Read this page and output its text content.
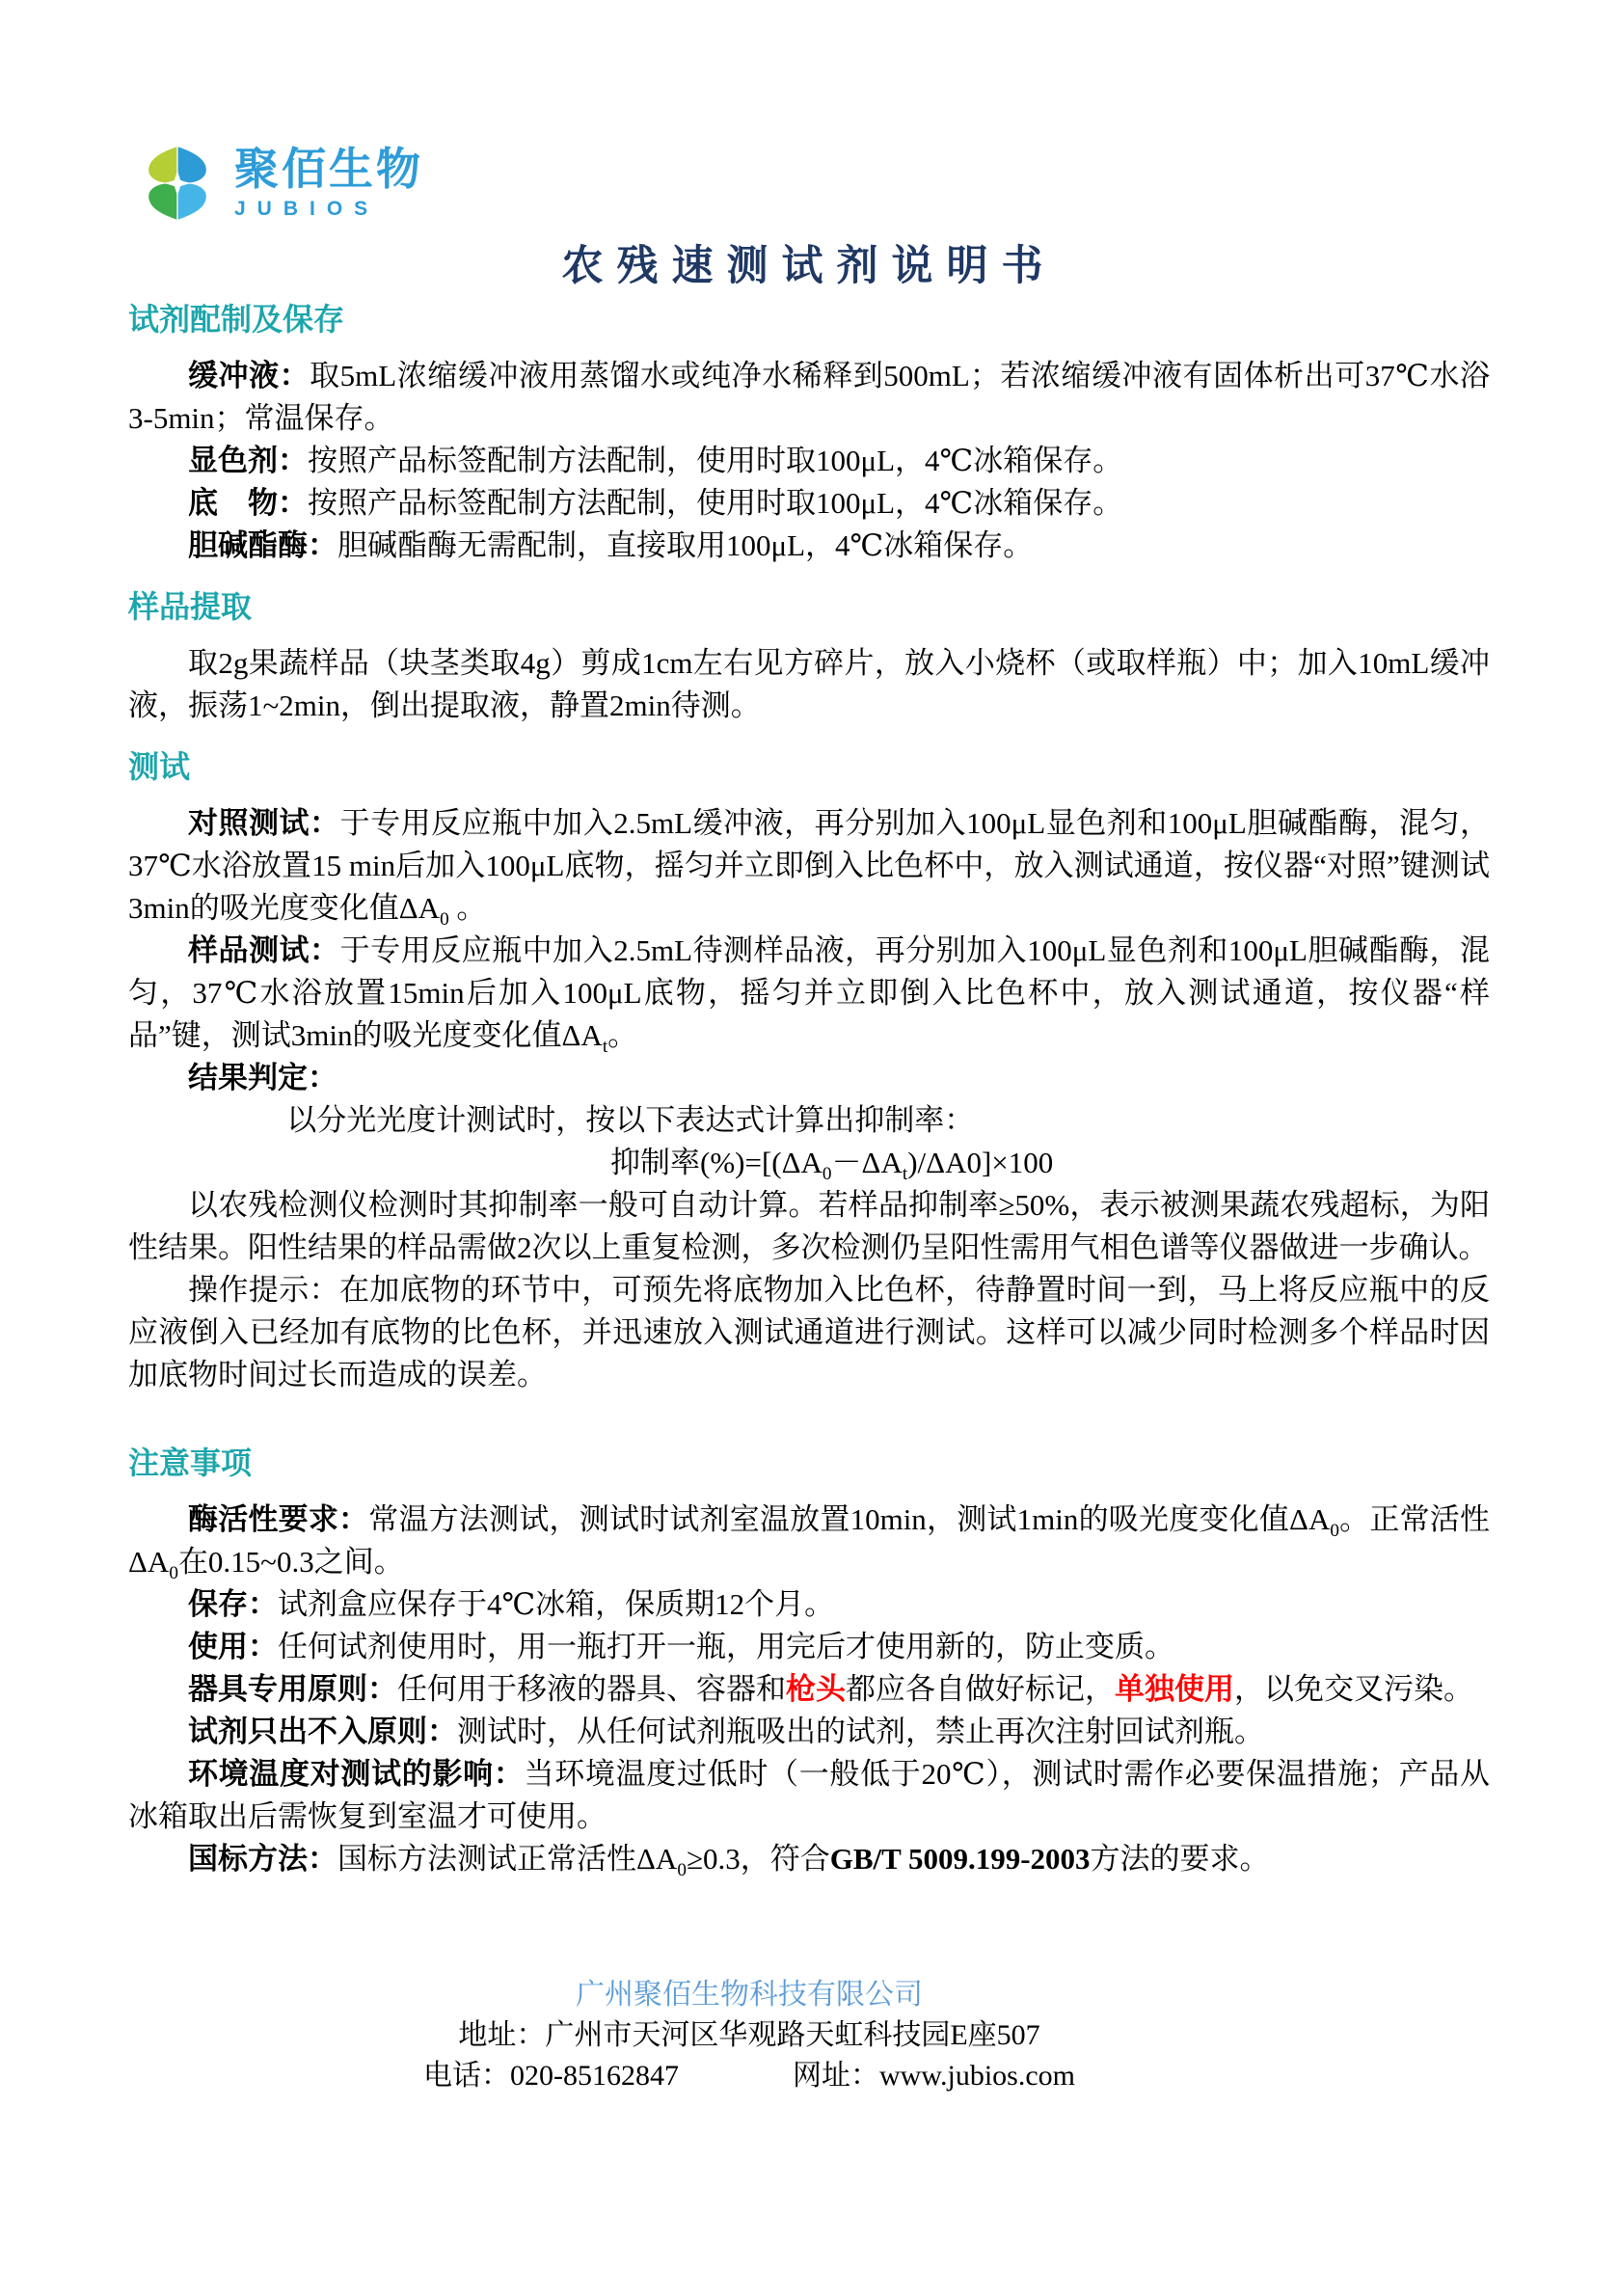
聚佰生物
JUBIOS
农残速测试剂说明书
试剂配制及保存

缓冲液：取5mL浓缩缓冲液用蒸馏水或纯净水稀释到500mL；若浓缩缓冲液有固体析出可37℃水浴3-5min；常温保存。

显色剂：按照产品标签配制方法配制，使用时取100μL，4℃冰箱保存。

底　物：按照产品标签配制方法配制，使用时取100μL，4℃冰箱保存。

胆碱酯酶：胆碱酯酶无需配制，直接取用100μL，4℃冰箱保存。

样品提取

取2g果蔬样品（块茎类取4g）剪成1cm左右见方碎片，放入小烧杯（或取样瓶）中；加入10mL缓冲液，振荡1~2min，倒出提取液，静置2min待测。

测试

对照测试：于专用反应瓶中加入2.5mL缓冲液，再分别加入100μL显色剂和100μL胆碱酯酶，混匀，37℃水浴放置15 min后加入100μL底物，摇匀并立即倒入比色杯中，放入测试通道，按仪器“对照”键测试3min的吸光度变化值$\Delta A_0$ 。

样品测试：于专用反应瓶中加入2.5mL待测样品液，再分别加入100μL显色剂和100μL胆碱酯酶，混匀，37℃水浴放置15min后加入100μL底物，摇匀并立即倒入比色杯中，放入测试通道，按仪器“样品”键，测试3min的吸光度变化值$\Delta A_t$。

结果判定：

以分光光度计测试时，按以下表达式计算出抑制率：

抑制率$(\%)=[(\Delta A_0-\Delta A_t)/\Delta A0]\times 100$

以农残检测仪检测时其抑制率一般可自动计算。若样品抑制率≥50%，表示被测果蔬农残超标，为阳性结果。阳性结果的样品需做2次以上重复检测，多次检测仍呈阳性需用气相色谱等仪器做进一步确认。

操作提示：在加底物的环节中，可预先将底物加入比色杯，待静置时间一到，马上将反应瓶中的反应液倒入已经加有底物的比色杯，并迅速放入测试通道进行测试。这样可以减少同时检测多个样品时因加底物时间过长而造成的误差。

注意事项

酶活性要求：常温方法测试，测试时试剂室温放置10min，测试1min的吸光度变化值$\Delta A_0$。正常活性$\Delta A_0$在0.15~0.3之间。

保存：试剂盒应保存于4℃冰箱，保质期12个月。

使用：任何试剂使用时，用一瓶打开一瓶，用完后才使用新的，防止变质。

器具专用原则：任何用于移液的器具、容器和枪头都应各自做好标记，单独使用，以免交叉污染。

试剂只出不入原则：测试时，从任何试剂瓶吸出的试剂，禁止再次注射回试剂瓶。

环境温度对测试的影响：当环境温度过低时（一般低于20℃），测试时需作必要保温措施；产品从冰箱取出后需恢复到室温才可使用。

国标方法：国标方法测试正常活性$\Delta A_0\ge 0.3$，符合GB/T 5009.199-2003方法的要求。

广州聚佰生物科技有限公司
地址：广州市天河区华观路天虹科技园E座507
电话：020-85162847	网址：www.jubios.com
